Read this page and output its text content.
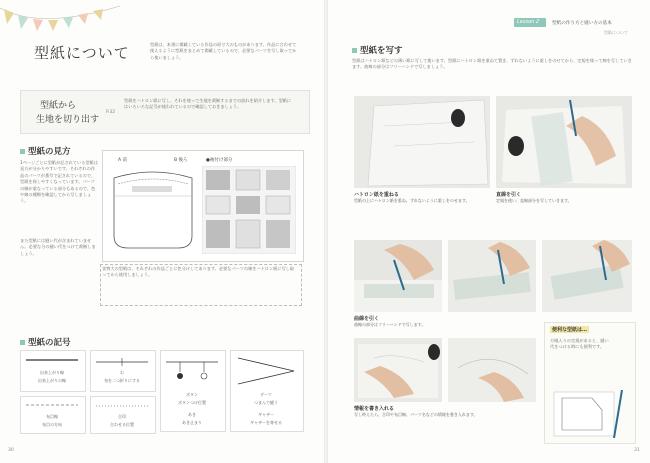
型紙について	型紙は、本書に掲載している作品の原寸大のものがあります。作品に合わせて使えるように型紙をまとめて掲載しているので、必要なパーツを写し取ってから使いましょう。
型紙から
生地を切り出す
P.32
型紙をハトロン紙に写し、それを使って生地を裁断するまでの流れを紹介します。型紙にはいろいろな記号が使われているので確認しておきましょう。
型紙の見方
1ページごとに型紙が記されている型紙は見方が分かりやすいです。それぞれの作品のパーツが番号で記されているので、型紙を探しやすくなっています。パーツの線が重なっている部分もあるので、色や線の種類を確認してから写しましょう。
また型紙には縫い代が含まれていません。必要な分の縫い代をつけて裁断しましょう。
A 前	B 後ろ	●袖付け部分
実物大の型紙は、それぞれの作品ごとに色分けしてあります。必要なパーツの線をハトロン紙に写し取ってから使用しましょう。
型紙の記号
出来上がり線
出来上がりの線
わ
布を二つ折りにする
ボタン
ボタンつけ位置
ダーツ
つまんで縫う
布目線
布目の方向
合印
合わせる位置
あき
あき止まり
ギャザー
ギャザーを寄せる
30
Lesson 2	型紙の作り方と縫い方の基本
型紙について
型紙を写す
型紙はハトロン紙などの薄い紙に写して使います。型紙にハトロン紙を重ねて置き、ずれないように重しをのせてから、定規を使って線を写していきます。曲線の部分はフリーハンドで写しましょう。
ハトロン紙を重ねる
型紙の上にハトロン紙を重ね、ずれないように重しをのせます。
直線を引く
定規を使い、直線部分を写していきます。
曲線を引く
曲線の部分はフリーハンドで写します。
情報を書き入れる
写し終えたら、合印や布目線、パーツ名などの情報を書き入れます。
便利な型紙は…
方眼入りの定規があると、縫い代をつける時にも便利です。
31
